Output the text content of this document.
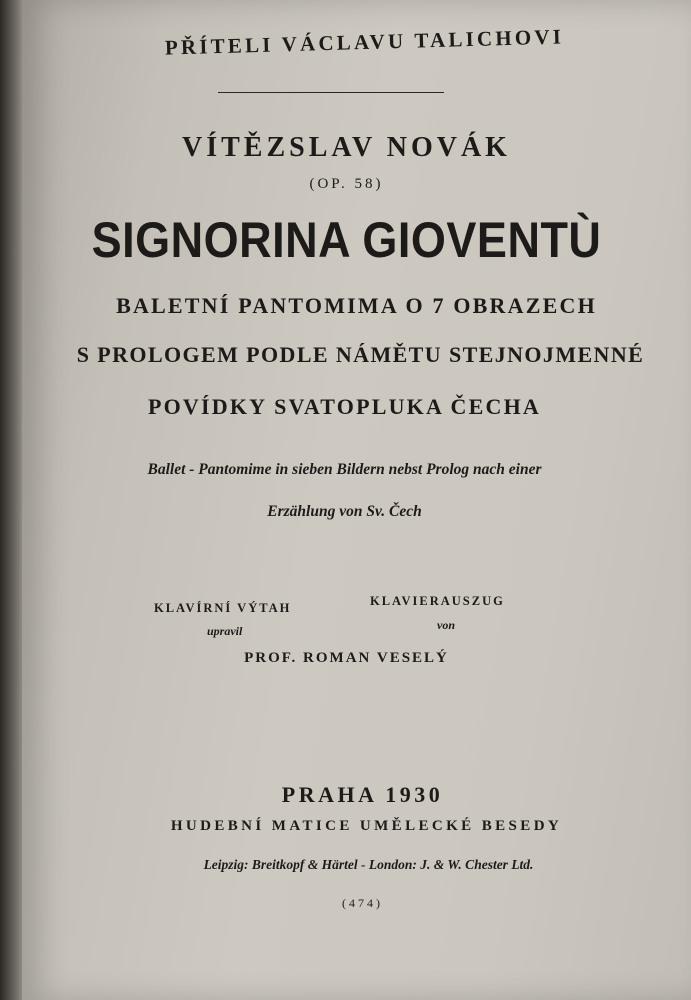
PŘÍTELI VÁCLAVU TALICHOVI
VÍTĚZSLAV NOVÁK
(OP. 58)
SIGNORINA GIOVENTÙ
BALETNÍ PANTOMIMA O 7 OBRAZECH
S PROLOGEM PODLE NÁMĚTU STEJNOJMENNÉ
POVÍDKY SVATOPLUKA ČECHA
Ballet - Pantomime in sieben Bildern nebst Prolog nach einer
Erzählung von Sv. Čech
KLAVÍRNÍ VÝTAH	KLAVIERAUSZUG
upravil	von
PROF. ROMAN VESELÝ
PRAHA 1930
HUDEBNÍ MATICE UMĚLECKÉ BESEDY
Leipzig: Breitkopf & Härtel - London: J. & W. Chester Ltd.
(474)
